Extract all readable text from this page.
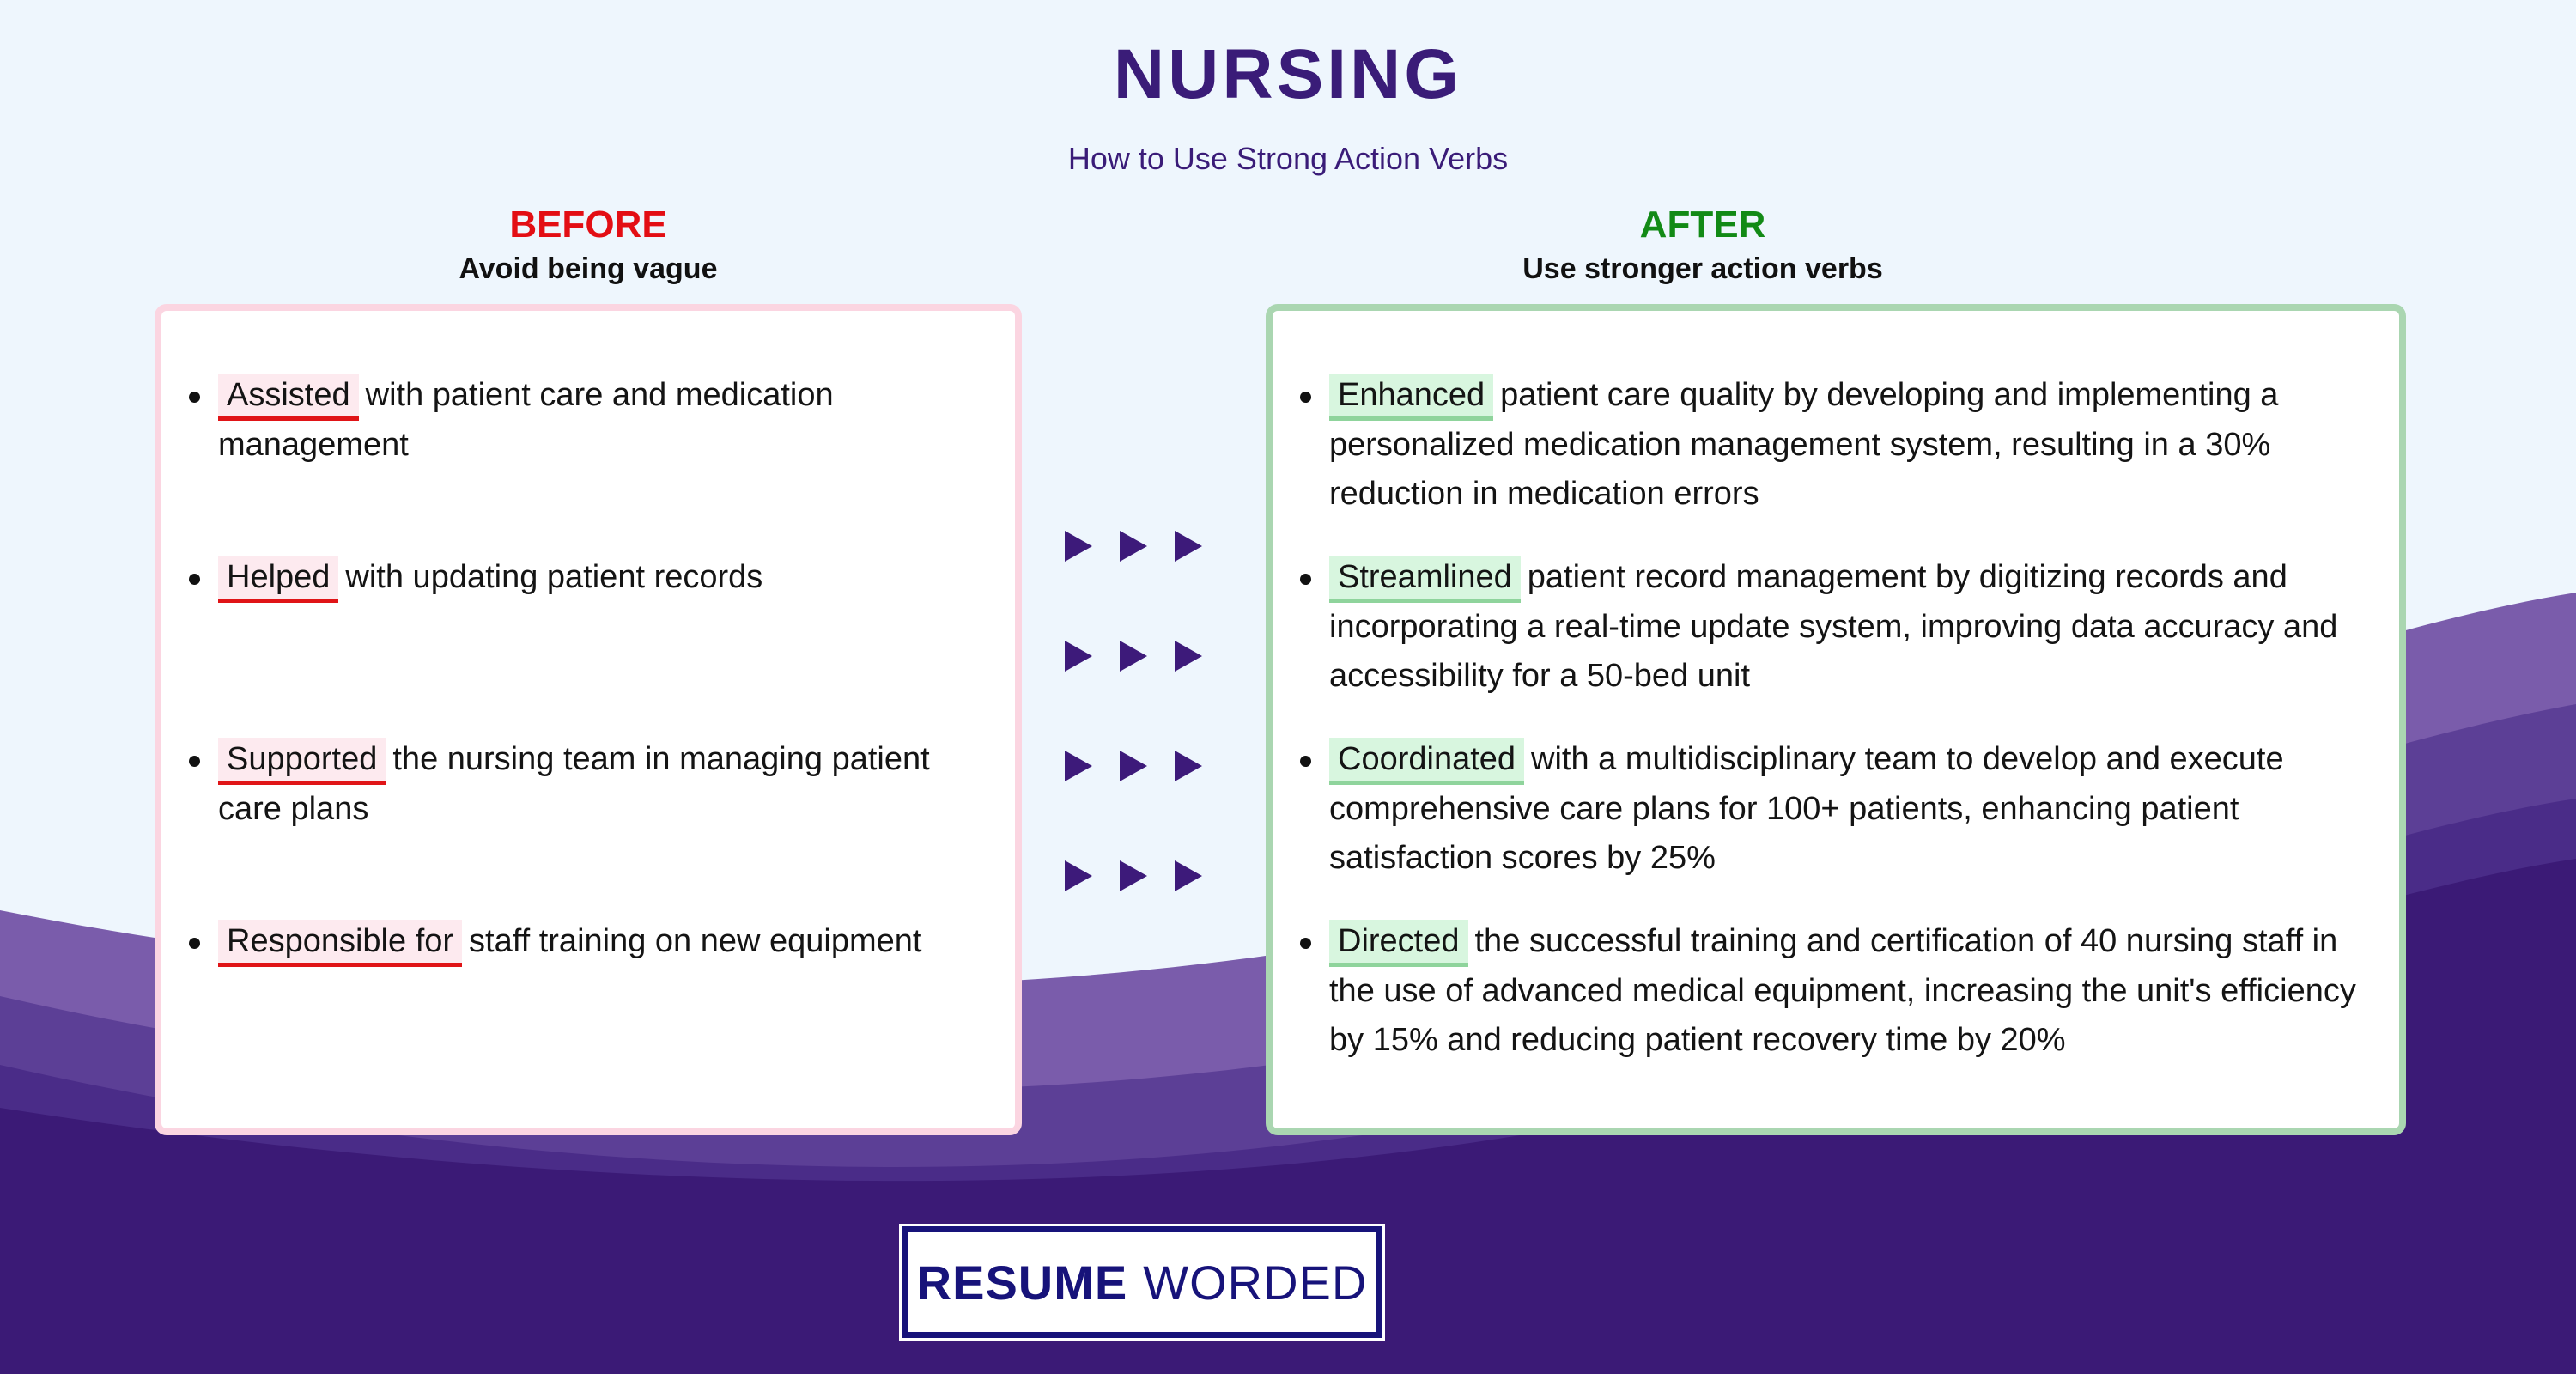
NURSING

How to Use Strong Action Verbs

BEFORE
Avoid being vague
AFTER
Use stronger action verbs
Assisted with patient care and medication management
Helped with updating patient records
Supported the nursing team in managing patient care plans
Responsible for staff training on new equipment
Enhanced patient care quality by developing and implementing a personalized medication management system, resulting in a 30% reduction in medication errors
Streamlined patient record management by digitizing records and incorporating a real-time update system, improving data accuracy and accessibility for a 50-bed unit
Coordinated with a multidisciplinary team to develop and execute comprehensive care plans for 100+ patients, enhancing patient satisfaction scores by 25%
Directed the successful training and certification of 40 nursing staff in the use of advanced medical equipment, increasing the unit's efficiency by 15% and reducing patient recovery time by 20%
RESUME WORDED
